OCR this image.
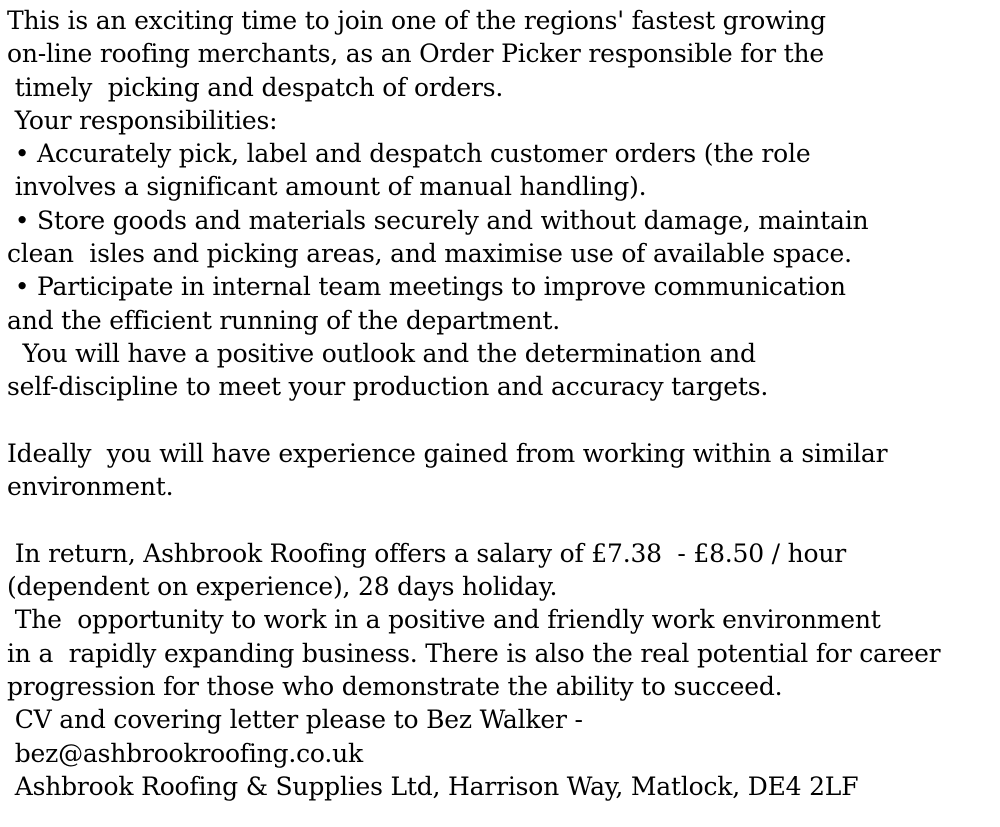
This is an exciting time to join one of the regions' fastest growing
on-line roofing merchants, as an Order Picker responsible for the
timely  picking and despatch of orders.
Your responsibilities:
• Accurately pick, label and despatch customer orders (the role
involves a significant amount of manual handling).
• Store goods and materials securely and without damage, maintain
clean  isles and picking areas, and maximise use of available space.
• Participate in internal team meetings to improve communication
and the efficient running of the department.
You will have a positive outlook and the determination and
self-discipline to meet your production and accuracy targets.
Ideally  you will have experience gained from working within a similar
environment.
In return, Ashbrook Roofing offers a salary of £7.38  - £8.50 / hour
(dependent on experience), 28 days holiday.
The  opportunity to work in a positive and friendly work environment
in a  rapidly expanding business. There is also the real potential for career
progression for those who demonstrate the ability to succeed.
CV and covering letter please to Bez Walker -
bez@ashbrookroofing.co.uk
Ashbrook Roofing & Supplies Ltd, Harrison Way, Matlock, DE4 2LF
